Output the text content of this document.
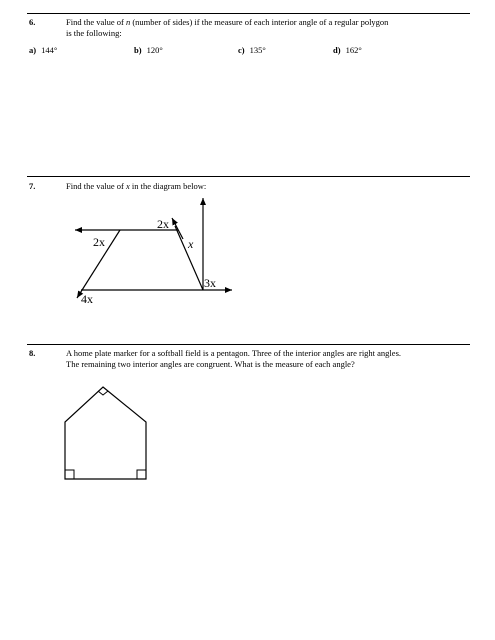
6.	Find the value of n (number of sides) if the measure of each interior angle of a regular polygon
is the following:
a) 144°	b) 120°	c) 135°	d) 162°
7.	Find the value of x in the diagram below:
2x
2x
x
3x
4x
8.	A home plate marker for a softball field is a pentagon. Three of the interior angles are right angles.
The remaining two interior angles are congruent. What is the measure of each angle?
